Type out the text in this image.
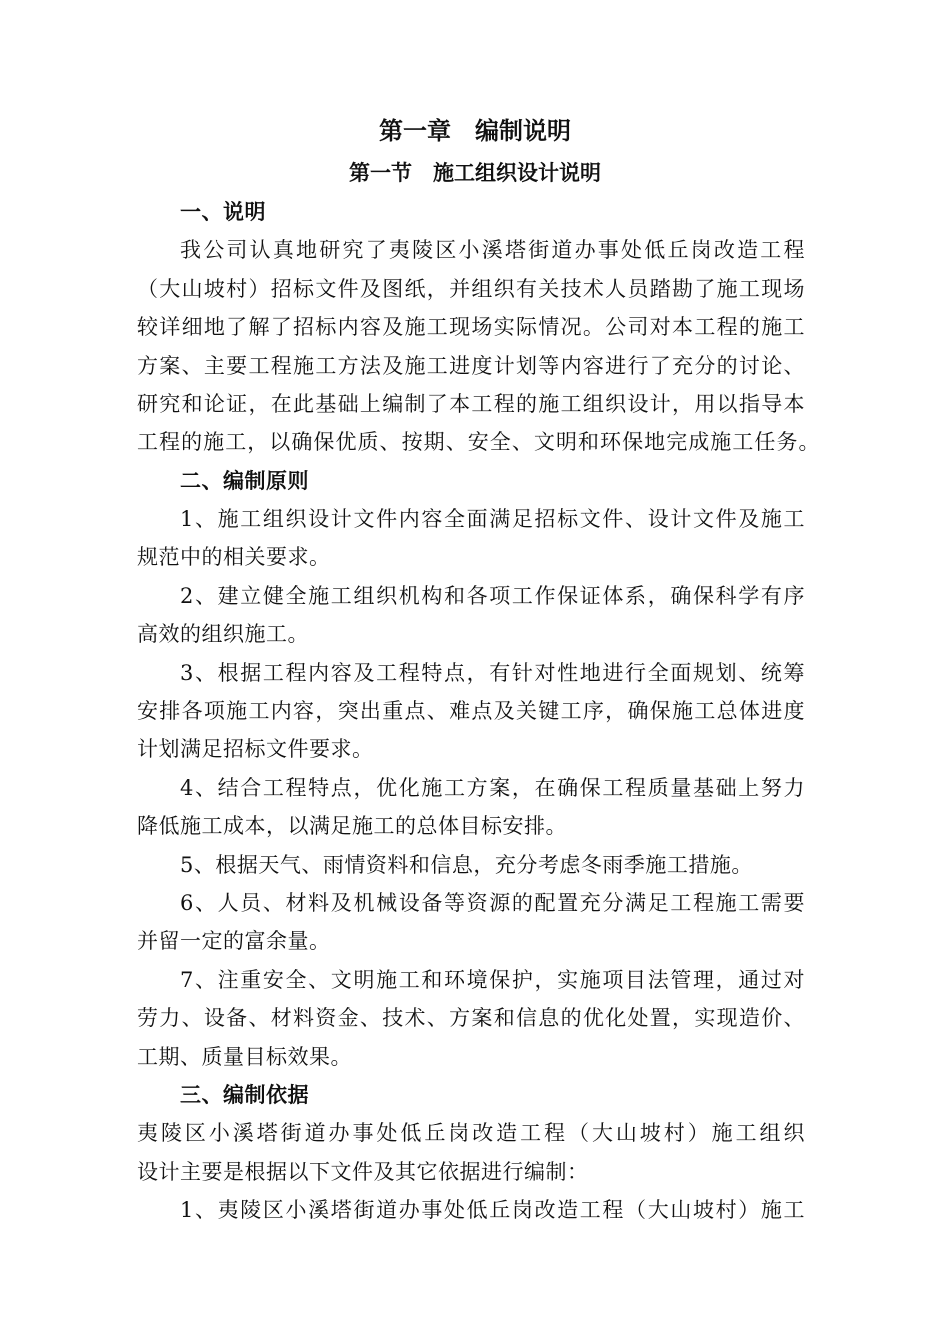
第一章　编制说明
第一节　施工组织设计说明
一、说明
我公司认真地研究了夷陵区小溪塔街道办事处低丘岗改造工程
（大山坡村）招标文件及图纸，并组织有关技术人员踏勘了施工现场
较详细地了解了招标内容及施工现场实际情况。公司对本工程的施工
方案、主要工程施工方法及施工进度计划等内容进行了充分的讨论、
研究和论证，在此基础上编制了本工程的施工组织设计，用以指导本
工程的施工，以确保优质、按期、安全、文明和环保地完成施工任务。
二、编制原则
1、施工组织设计文件内容全面满足招标文件、设计文件及施工
规范中的相关要求。
2、建立健全施工组织机构和各项工作保证体系，确保科学有序
高效的组织施工。
3、根据工程内容及工程特点，有针对性地进行全面规划、统筹
安排各项施工内容，突出重点、难点及关键工序，确保施工总体进度
计划满足招标文件要求。
4、结合工程特点，优化施工方案，在确保工程质量基础上努力
降低施工成本，以满足施工的总体目标安排。
5、根据天气、雨情资料和信息，充分考虑冬雨季施工措施。
6、人员、材料及机械设备等资源的配置充分满足工程施工需要
并留一定的富余量。
7、注重安全、文明施工和环境保护，实施项目法管理，通过对
劳力、设备、材料资金、技术、方案和信息的优化处置，实现造价、
工期、质量目标效果。
三、编制依据
夷陵区小溪塔街道办事处低丘岗改造工程（大山坡村）施工组织
设计主要是根据以下文件及其它依据进行编制：
1、夷陵区小溪塔街道办事处低丘岗改造工程（大山坡村）施工
